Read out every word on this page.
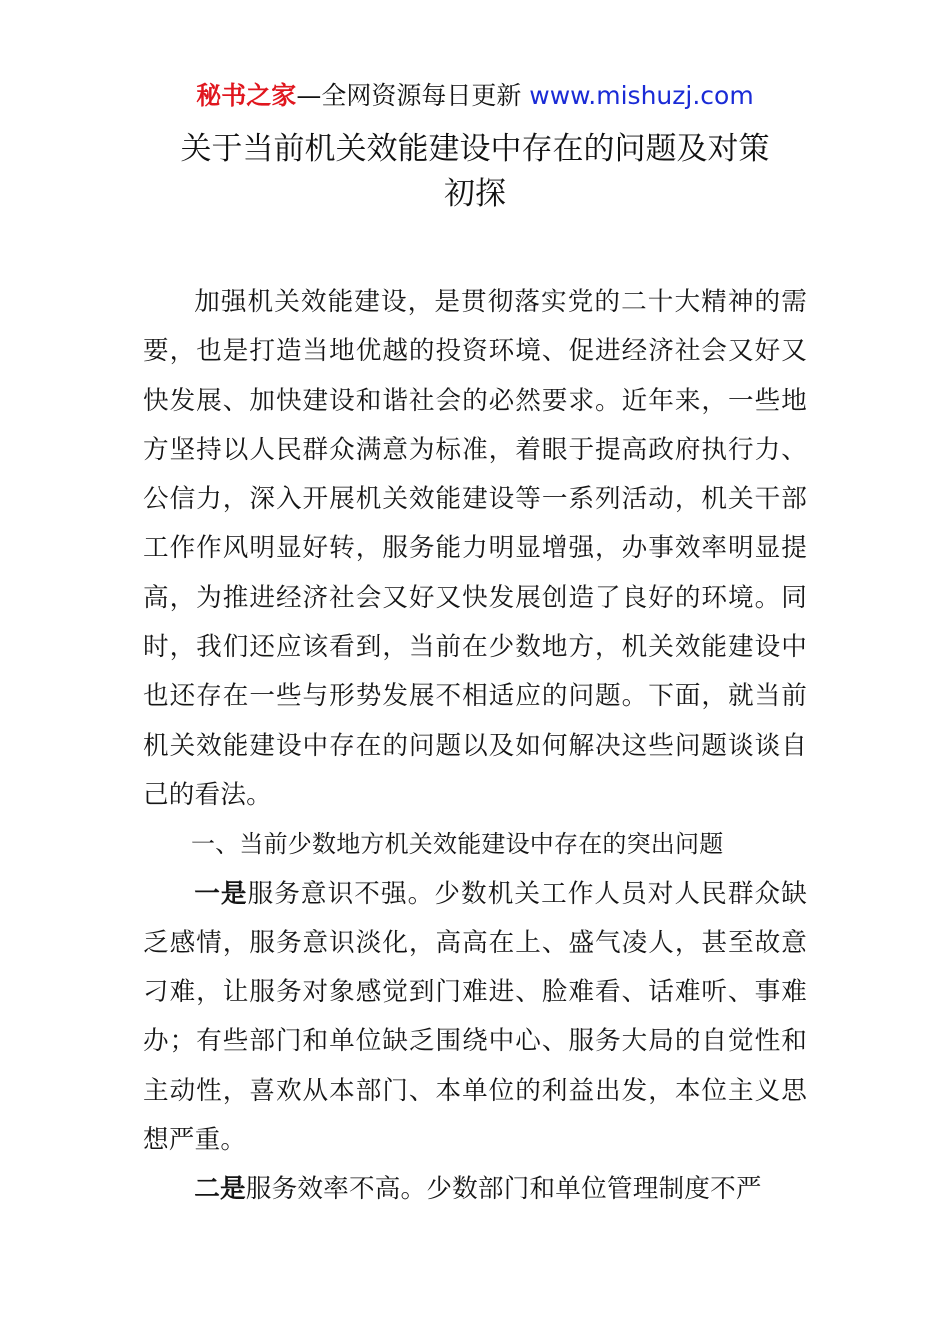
秘书之家—全网资源每日更新 www.mishuzj.com
关于当前机关效能建设中存在的问题及对策
初探

加强机关效能建设，是贯彻落实党的二十大精神的需要，也是打造当地优越的投资环境、促进经济社会又好又快发展、加快建设和谐社会的必然要求。近年来，一些地方坚持以人民群众满意为标准，着眼于提高政府执行力、公信力，深入开展机关效能建设等一系列活动，机关干部工作作风明显好转，服务能力明显增强，办事效率明显提高，为推进经济社会又好又快发展创造了良好的环境。同时，我们还应该看到，当前在少数地方，机关效能建设中也还存在一些与形势发展不相适应的问题。下面，就当前机关效能建设中存在的问题以及如何解决这些问题谈谈自己的看法。

一、当前少数地方机关效能建设中存在的突出问题

一是服务意识不强。少数机关工作人员对人民群众缺乏感情，服务意识淡化，高高在上、盛气凌人，甚至故意刁难，让服务对象感觉到门难进、脸难看、话难听、事难办；有些部门和单位缺乏围绕中心、服务大局的自觉性和主动性，喜欢从本部门、本单位的利益出发，本位主义思想严重。

二是服务效率不高。少数部门和单位管理制度不严
